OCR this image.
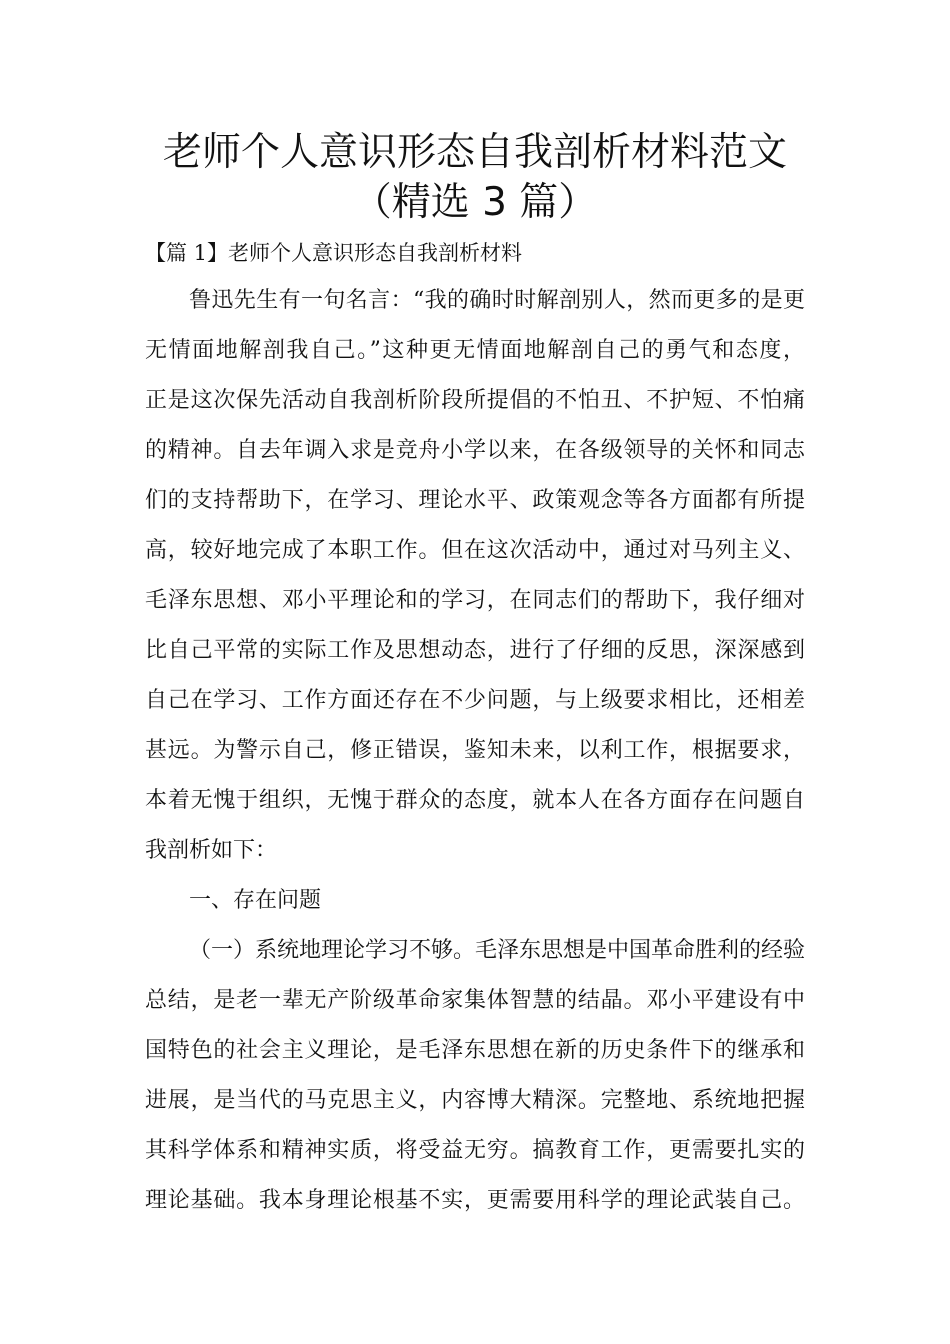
老师个人意识形态自我剖析材料范文
（精选 3 篇）
【篇 1】老师个人意识形态自我剖析材料

鲁迅先生有一句名言：“我的确时时解剖别人，然而更多的是更

无情面地解剖我自己。”这种更无情面地解剖自己的勇气和态度，

正是这次保先活动自我剖析阶段所提倡的不怕丑、不护短、不怕痛

的精神。自去年调入求是竞舟小学以来，在各级领导的关怀和同志

们的支持帮助下，在学习、理论水平、政策观念等各方面都有所提

高，较好地完成了本职工作。但在这次活动中，通过对马列主义、

毛泽东思想、邓小平理论和的学习，在同志们的帮助下，我仔细对

比自己平常的实际工作及思想动态，进行了仔细的反思，深深感到

自己在学习、工作方面还存在不少问题，与上级要求相比，还相差

甚远。为警示自己，修正错误，鉴知未来，以利工作，根据要求，

本着无愧于组织，无愧于群众的态度，就本人在各方面存在问题自

我剖析如下：

一、存在问题

（一）系统地理论学习不够。毛泽东思想是中国革命胜利的经验

总结，是老一辈无产阶级革命家集体智慧的结晶。邓小平建设有中

国特色的社会主义理论，是毛泽东思想在新的历史条件下的继承和

进展，是当代的马克思主义，内容博大精深。完整地、系统地把握

其科学体系和精神实质，将受益无穷。搞教育工作，更需要扎实的

理论基础。我本身理论根基不实，更需要用科学的理论武装自己。
